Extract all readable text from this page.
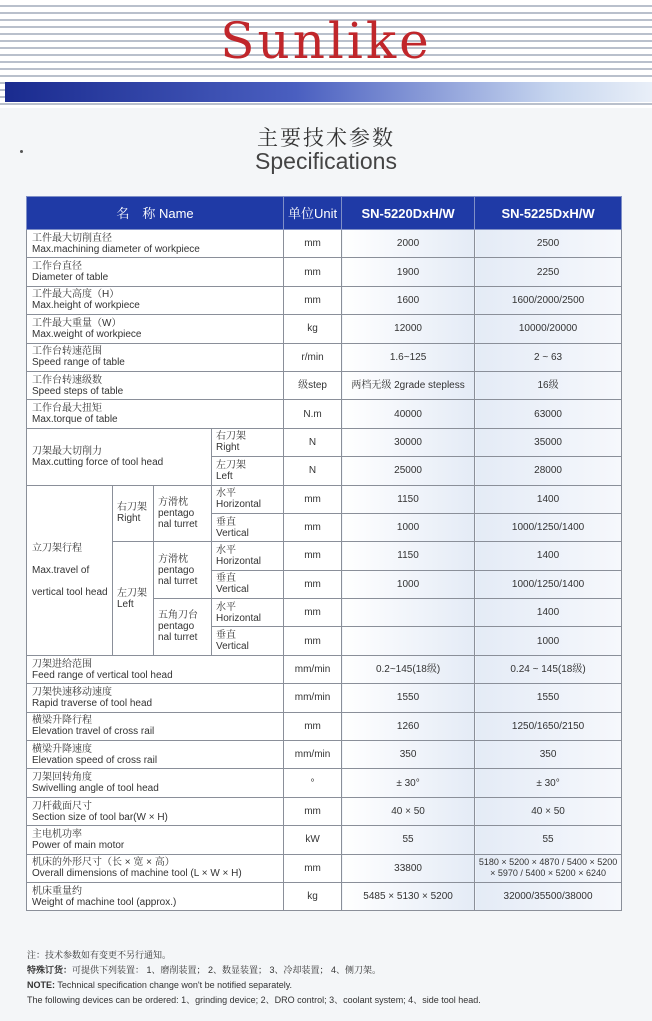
Sunlike
主要技术参数
Specifications
名　称 Name				单位Unit	SN-5220DxH/W	SN-5225DxH/W

工件最大切削直径
Max.machining diameter of workpiece				mm	2000	2500

工作台直径
Diameter of table				mm	1900	2250

工件最大高度（H）
Max.height of workpiece				mm	1600	1600/2000/2500

工件最大重量（W）
Max.weight of workpiece				kg	12000	10000/20000

工作台转速范围
Speed range of table				r/min	1.6~125	2 ~ 63

工作台转速级数
Speed steps of table				级step	两档无级 2grade stepless	16级

工作台最大扭矩
Max.torque of table				N.m	40000	63000

刀架最大切削力
Max.cutting force of tool head			右刀架
Right	N	30000	35000

			左刀架
Left	N	25000	28000

立刀架行程

Max.travel of

vertical tool head	右刀架
Right	方滑枕
pentago
nal turret	水平
Horizontal	mm	1150	1400

			垂直
Vertical	mm	1000	1000/1250/1400

	左刀架
Left	方滑枕
pentago
nal turret	水平
Horizontal	mm	1150	1400

			垂直
Vertical	mm	1000	1000/1250/1400

		五角刀台
pentago
nal turret	水平
Horizontal	mm		1400

			垂直
Vertical	mm		1000

刀架进给范围
Feed range of vertical tool head				mm/min	0.2~145(18级)	0.24 ~ 145(18级)

刀架快速移动速度
Rapid traverse of tool head				mm/min	1550	1550

横梁升降行程
Elevation travel of cross rail				mm	1260	1250/1650/2150

横梁升降速度
Elevation speed of cross rail				mm/min	350	350

刀架回转角度
Swivelling angle of tool head				°	± 30°	± 30°

刀杆截面尺寸
Section size of tool bar(W × H)				mm	40 × 50	40 × 50

主电机功率
Power of main motor				kW	55	55

机床的外形尺寸（长 × 宽 × 高）
Overall dimensions of machine tool (L × W × H)				mm	33800	5180 × 5200 × 4870 / 5400 × 5200
× 5970 / 5400 × 5200 × 6240

机床重量约
Weight of machine tool (approx.)				kg	5485 × 5130 × 5200	32000/35500/38000
注：技术参数如有变更不另行通知。
特殊订货：可提供下列装置： 1、磨削装置； 2、数显装置； 3、冷却装置； 4、侧刀架。
NOTE: Technical specification change won't be notified separately.
The following devices can be ordered: 1、grinding device; 2、DRO control; 3、coolant system; 4、side tool head.
